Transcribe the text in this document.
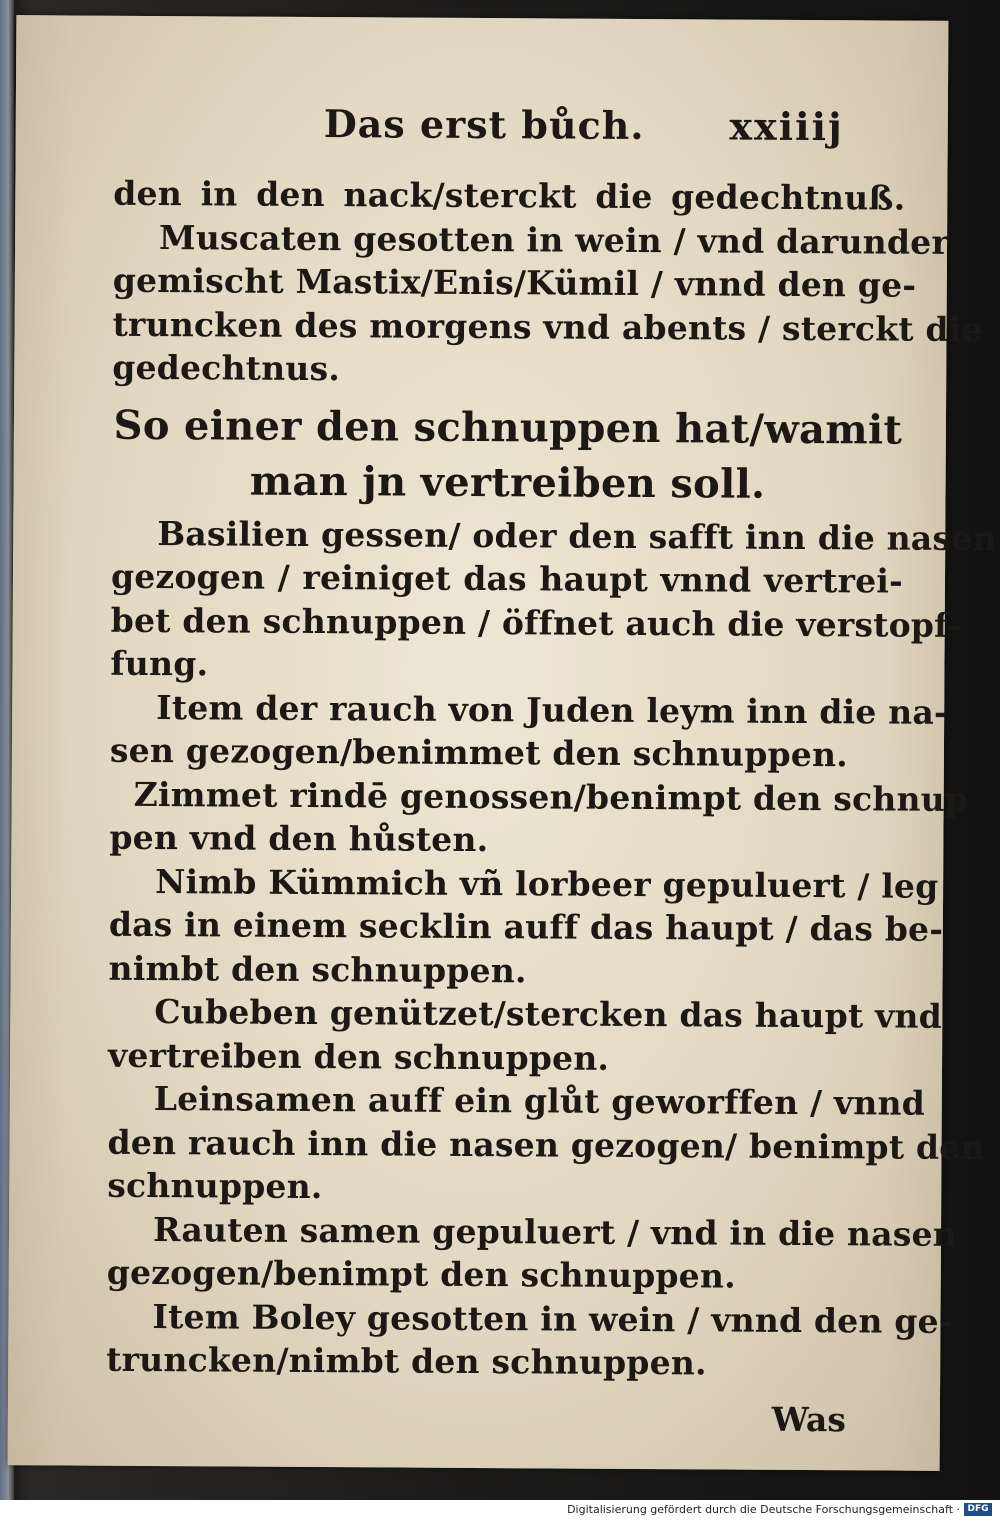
Das erst bůch. xxiiij
den in den nack/sterckt die gedechtnuß.
Muscaten gesotten in wein / vnd darunder
gemischt Mastix/Enis/Kümil / vnnd den ge-
truncken des morgens vnd abents / sterckt die
gedechtnus.
So einer den schnuppen hat/wamit
man jn vertreiben soll.
Basilien gessen/ oder den safft inn die nasen
gezogen / reiniget das haupt vnnd vertrei-
bet den schnuppen / öffnet auch die verstopf-
fung.
Item der rauch von Juden leym inn die na-
sen gezogen/benimmet den schnuppen.
Zimmet rindē genossen/benimpt den schnup
pen vnd den hůsten.
Nimb Kümmich vñ lorbeer gepuluert / leg
das in einem secklin auff das haupt / das be-
nimbt den schnuppen.
Cubeben genützet/stercken das haupt vnd
vertreiben den schnuppen.
Leinsamen auff ein glůt geworffen / vnnd
den rauch inn die nasen gezogen/ benimpt den
schnuppen.
Rauten samen gepuluert / vnd in die nasen
gezogen/benimpt den schnuppen.
Item Boley gesotten in wein / vnnd den ge-
truncken/nimbt den schnuppen.
Was
Digitalisierung gefördert durch die Deutsche Forschungsgemeinschaft · DFG
